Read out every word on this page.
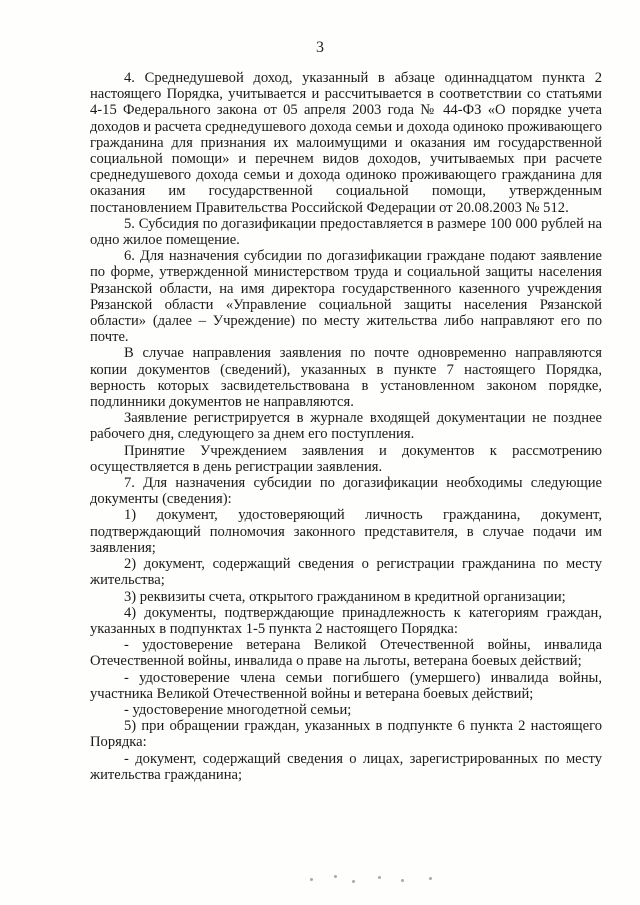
3

4. Среднедушевой доход, указанный в абзаце одиннадцатом пункта 2 настоящего Порядка, учитывается и рассчитывается в соответствии со статьями 4-15 Федерального закона от 05 апреля 2003 года № 44-ФЗ «О порядке учета доходов и расчета среднедушевого дохода семьи и дохода одиноко проживающего гражданина для признания их малоимущими и оказания им государственной социальной помощи» и перечнем видов доходов, учитываемых при расчете среднедушевого дохода семьи и дохода одиноко проживающего гражданина для оказания им государственной социальной помощи, утвержденным постановлением Правительства Российской Федерации от 20.08.2003 № 512.

5. Субсидия по догазификации предоставляется в размере 100 000 рублей на одно жилое помещение.

6. Для назначения субсидии по догазификации граждане подают заявление по форме, утвержденной министерством труда и социальной защиты населения Рязанской области, на имя директора государственного казенного учреждения Рязанской области «Управление социальной защиты населения Рязанской области» (далее – Учреждение) по месту жительства либо направляют его по почте.

В случае направления заявления по почте одновременно направляются копии документов (сведений), указанных в пункте 7 настоящего Порядка, верность которых засвидетельствована в установленном законом порядке, подлинники документов не направляются.

Заявление регистрируется в журнале входящей документации не позднее рабочего дня, следующего за днем его поступления.

Принятие Учреждением заявления и документов к рассмотрению осуществляется в день регистрации заявления.

7. Для назначения субсидии по догазификации необходимы следующие документы (сведения):

1) документ, удостоверяющий личность гражданина, документ, подтверждающий полномочия законного представителя, в случае подачи им заявления;

2) документ, содержащий сведения о регистрации гражданина по месту жительства;

3) реквизиты счета, открытого гражданином в кредитной организации;

4) документы, подтверждающие принадлежность к категориям граждан, указанных в подпунктах 1-5 пункта 2 настоящего Порядка:

- удостоверение ветерана Великой Отечественной войны, инвалида Отечественной войны, инвалида о праве на льготы, ветерана боевых действий;

- удостоверение члена семьи погибшего (умершего) инвалида войны, участника Великой Отечественной войны и ветерана боевых действий;

- удостоверение многодетной семьи;

5) при обращении граждан, указанных в подпункте 6 пункта 2 настоящего Порядка:

- документ, содержащий сведения о лицах, зарегистрированных по месту жительства гражданина;
